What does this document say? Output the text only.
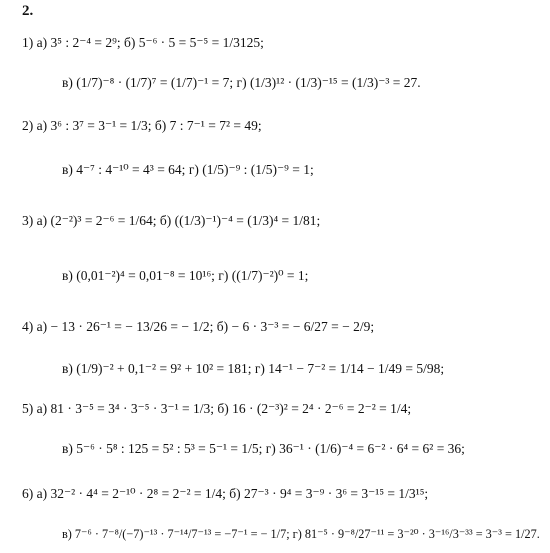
2.
1) а) 3⁵ : 2⁻⁴ = 2⁹; б) 5⁻⁶ · 5 = 5⁻⁵ = 1/3125;
в) (1/7)⁻⁸ · (1/7)⁷ = (1/7)⁻¹ = 7; г) (1/3)¹² · (1/3)⁻¹⁵ = (1/3)⁻³ = 27.
2) а) 3⁶ : 3⁷ = 3⁻¹ = 1/3; б) 7 : 7⁻¹ = 7² = 49;
в) 4⁻⁷ : 4⁻¹⁰ = 4³ = 64; г) (1/5)⁻⁹ : (1/5)⁻⁹ = 1;
3) а) (2⁻²)³ = 2⁻⁶ = 1/64; б) ((1/3)⁻¹)⁻⁴ = (1/3)⁴ = 1/81;
в) (0,01⁻²)⁴ = 0,01⁻⁸ = 10¹⁶; г) ((1/7)⁻²)⁰ = 1;
4) а) − 13 · 26⁻¹ = − 13/26 = − 1/2; б) − 6 · 3⁻³ = − 6/27 = − 2/9;
в) (1/9)⁻² + 0,1⁻² = 9² + 10² = 181; г) 14⁻¹ − 7⁻² = 1/14 − 1/49 = 5/98;
5) а) 81 · 3⁻⁵ = 3⁴ · 3⁻⁵ · 3⁻¹ = 1/3; б) 16 · (2⁻³)² = 2⁴ · 2⁻⁶ = 2⁻² = 1/4;
в) 5⁻⁶ · 5⁸ : 125 = 5² : 5³ = 5⁻¹ = 1/5; г) 36⁻¹ · (1/6)⁻⁴ = 6⁻² · 6⁴ = 6² = 36;
6) а) 32⁻² · 4⁴ = 2⁻¹⁰ · 2⁸ = 2⁻² = 1/4; б) 27⁻³ · 9⁴ = 3⁻⁹ · 3⁶ = 3⁻¹⁵ = 1/3¹⁵;
в) 7⁻⁶ · 7⁻⁸/(−7)⁻¹³ · 7⁻¹⁴/7⁻¹³ = −7⁻¹ = − 1/7; г) 81⁻⁵ · 9⁻⁸/27⁻¹¹ = 3⁻²⁰ · 3⁻¹⁶/3⁻³³ = 3⁻³ = 1/27.
